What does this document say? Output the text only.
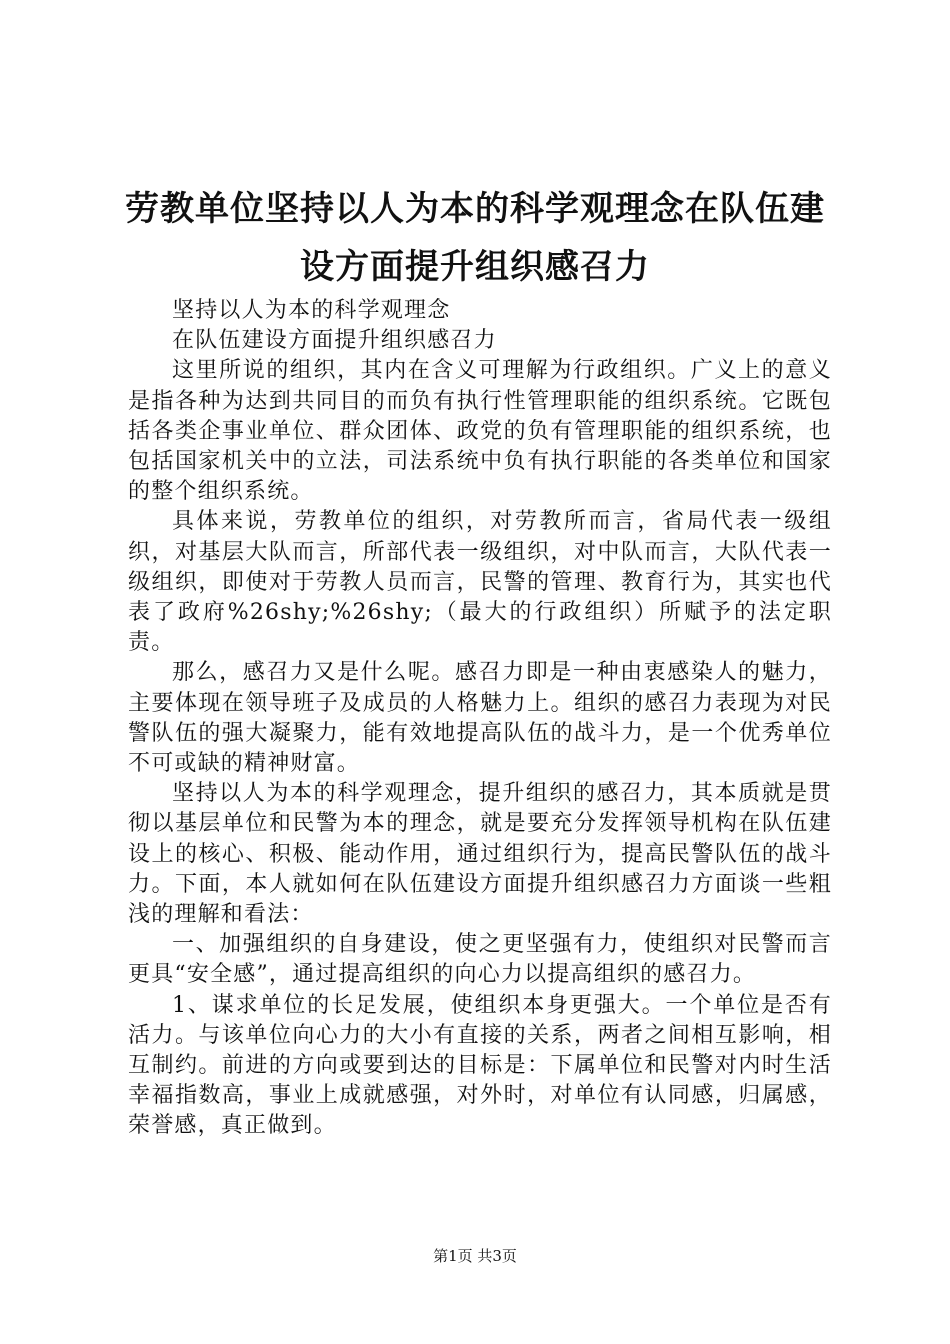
劳教单位坚持以人为本的科学观理念在队伍建设方面提升组织感召力

坚持以人为本的科学观理念

在队伍建设方面提升组织感召力

这里所说的组织，其内在含义可理解为行政组织。广义上的意义是指各种为达到共同目的而负有执行性管理职能的组织系统。它既包括各类企事业单位、群众团体、政党的负有管理职能的组织系统，也包括国家机关中的立法，司法系统中负有执行职能的各类单位和国家的整个组织系统。

具体来说，劳教单位的组织，对劳教所而言，省局代表一级组织，对基层大队而言，所部代表一级组织，对中队而言，大队代表一级组织，即使对于劳教人员而言，民警的管理、教育行为，其实也代表了政府%26shy;%26shy;（最大的行政组织）所赋予的法定职责。

那么，感召力又是什么呢。感召力即是一种由衷感染人的魅力，主要体现在领导班子及成员的人格魅力上。组织的感召力表现为对民警队伍的强大凝聚力，能有效地提高队伍的战斗力，是一个优秀单位不可或缺的精神财富。

坚持以人为本的科学观理念，提升组织的感召力，其本质就是贯彻以基层单位和民警为本的理念，就是要充分发挥领导机构在队伍建设上的核心、积极、能动作用，通过组织行为，提高民警队伍的战斗力。下面，本人就如何在队伍建设方面提升组织感召力方面谈一些粗浅的理解和看法：

一、加强组织的自身建设，使之更坚强有力，使组织对民警而言更具“安全感”，通过提高组织的向心力以提高组织的感召力。

1、谋求单位的长足发展，使组织本身更强大。一个单位是否有活力。与该单位向心力的大小有直接的关系，两者之间相互影响，相互制约。前进的方向或要到达的目标是：下属单位和民警对内时生活幸福指数高，事业上成就感强，对外时，对单位有认同感，归属感，荣誉感，真正做到。

第1页 共3页
